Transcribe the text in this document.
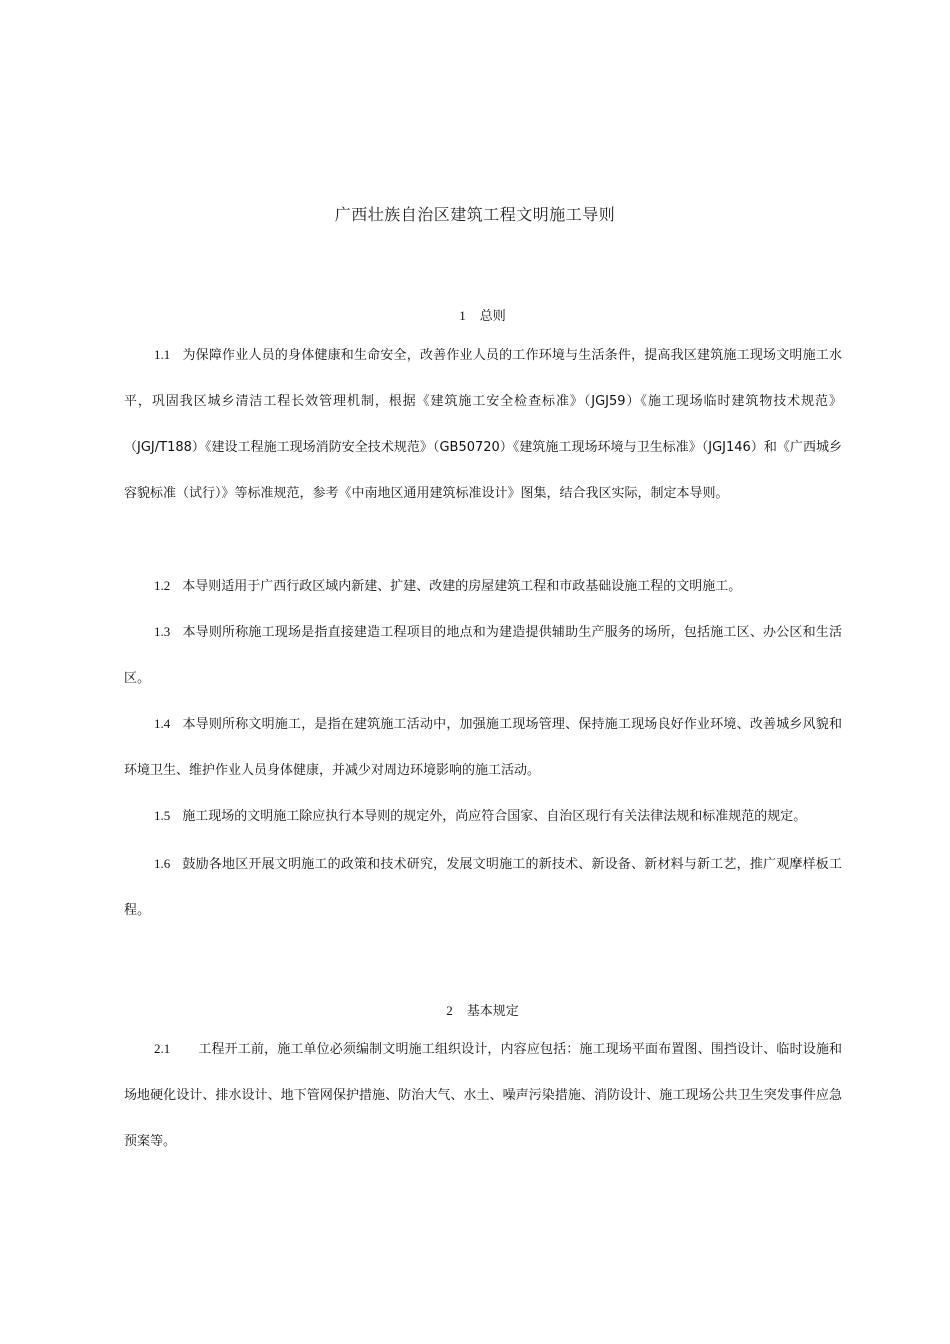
广西壮族自治区建筑工程文明施工导则
1 总则
1.1 为保障作业人员的身体健康和生命安全，改善作业人员的工作环境与生活条件，提高我区建筑施工现场文明施工水平，巩固我区城乡清洁工程长效管理机制，根据《建筑施工安全检查标准》（JGJ59）《施工现场临时建筑物技术规范》（JGJ/T188）《建设工程施工现场消防安全技术规范》（GB50720）《建筑施工现场环境与卫生标准》（JGJ146）和《广西城乡容貌标准（试行）》等标准规范，参考《中南地区通用建筑标准设计》图集，结合我区实际，制定本导则。
1.2 本导则适用于广西行政区域内新建、扩建、改建的房屋建筑工程和市政基础设施工程的文明施工。
1.3 本导则所称施工现场是指直接建造工程项目的地点和为建造提供辅助生产服务的场所，包括施工区、办公区和生活区。
1.4 本导则所称文明施工，是指在建筑施工活动中，加强施工现场管理、保持施工现场良好作业环境、改善城乡风貌和环境卫生、维护作业人员身体健康，并减少对周边环境影响的施工活动。
1.5 施工现场的文明施工除应执行本导则的规定外，尚应符合国家、自治区现行有关法律法规和标准规范的规定。
1.6 鼓励各地区开展文明施工的政策和技术研究，发展文明施工的新技术、新设备、新材料与新工艺，推广观摩样板工程。
2 基本规定
2.1 工程开工前，施工单位必须编制文明施工组织设计，内容应包括：施工现场平面布置图、围挡设计、临时设施和场地硬化设计、排水设计、地下管网保护措施、防治大气、水土、噪声污染措施、消防设计、施工现场公共卫生突发事件应急预案等。
